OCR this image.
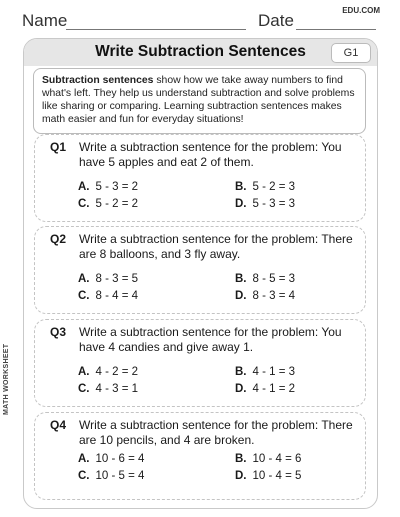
Name	Date
EDU.COM
MATH WORKSHEET
Write Subtraction Sentences	G1
Subtraction sentences show how we take away numbers to find what's left. They help us understand subtraction and solve problems like sharing or comparing. Learning subtraction sentences makes math easier and fun for everyday situations!
Q1 Write a subtraction sentence for the problem: You have 5 apples and eat 2 of them.
A. 5 - 3 = 2	B. 5 - 2 = 3
C. 5 - 2 = 2	D. 5 - 3 = 3
Q2 Write a subtraction sentence for the problem: There are 8 balloons, and 3 fly away.
A. 8 - 3 = 5	B. 8 - 5 = 3
C. 8 - 4 = 4	D. 8 - 3 = 4
Q3 Write a subtraction sentence for the problem: You have 4 candies and give away 1.
A. 4 - 2 = 2	B. 4 - 1 = 3
C. 4 - 3 = 1	D. 4 - 1 = 2
Q4 Write a subtraction sentence for the problem: There are 10 pencils, and 4 are broken.
A. 10 - 6 = 4	B. 10 - 4 = 6
C. 10 - 5 = 4	D. 10 - 4 = 5
